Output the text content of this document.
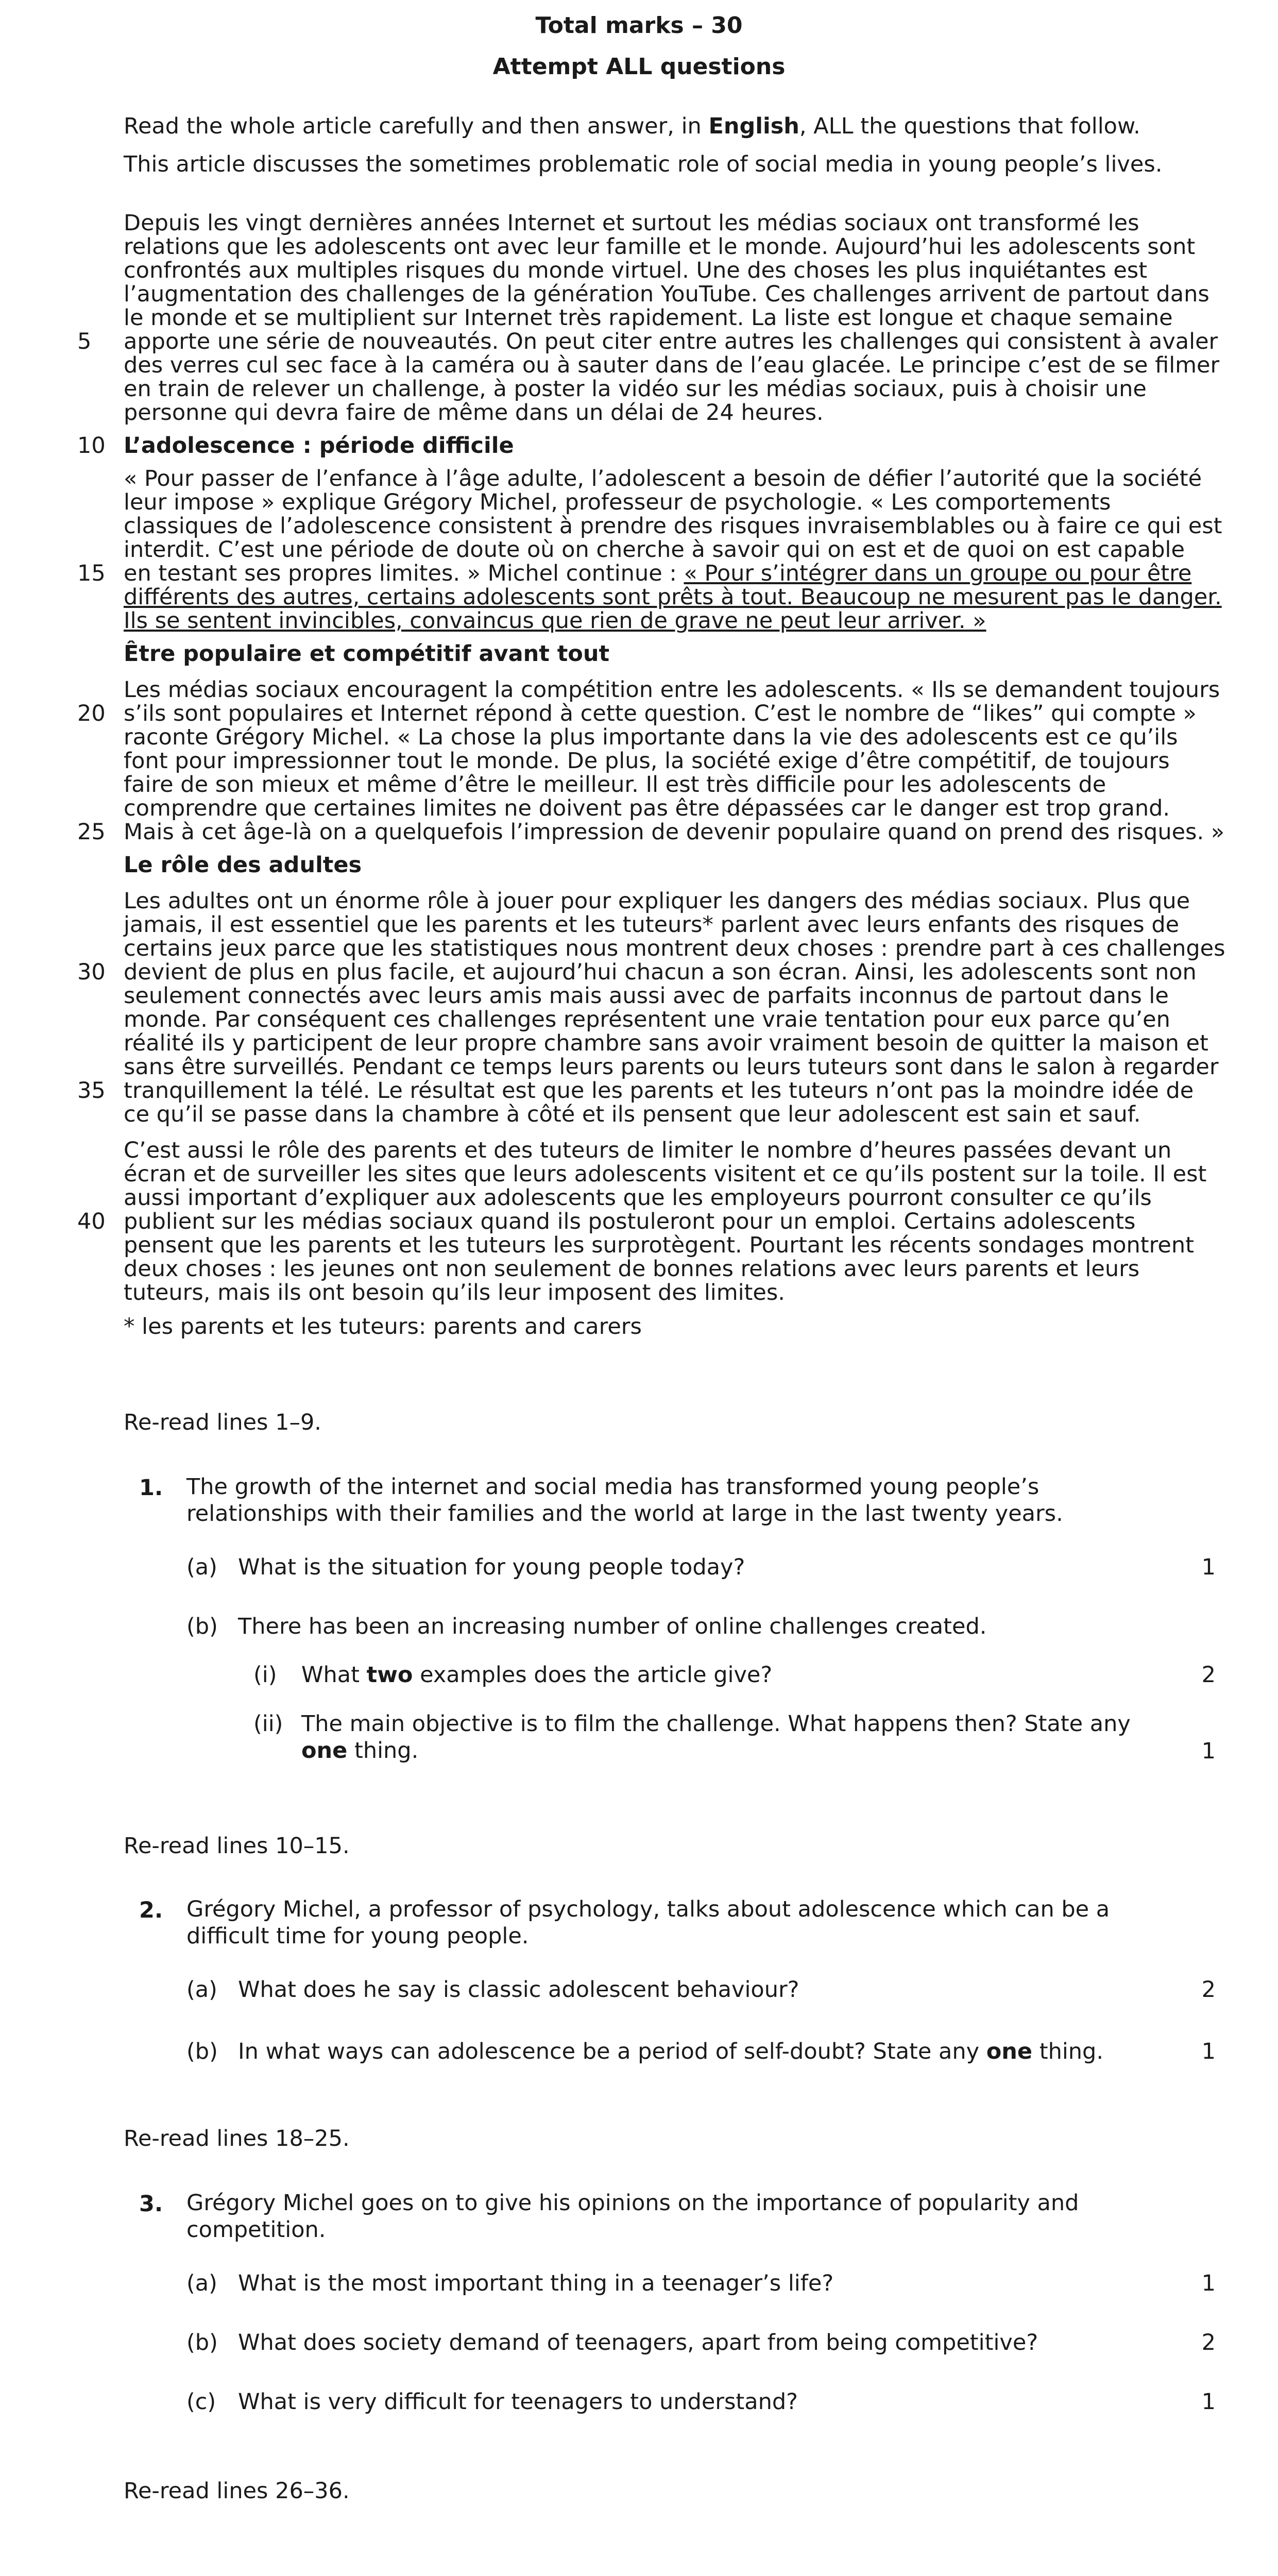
Total marks – 30
Attempt ALL questions
Read the whole article carefully and then answer, in English, ALL the questions that follow.
This article discusses the sometimes problematic role of social media in young people’s lives.
Depuis les vingt dernières années Internet et surtout les médias sociaux ont transformé les
relations que les adolescents ont avec leur famille et le monde. Aujourd’hui les adolescents sont
confrontés aux multiples risques du monde virtuel. Une des choses les plus inquiétantes est
l’augmentation des challenges de la génération YouTube. Ces challenges arrivent de partout dans
le monde et se multiplient sur Internet très rapidement. La liste est longue et chaque semaine
apporte une série de nouveautés. On peut citer entre autres les challenges qui consistent à avaler
des verres cul sec face à la caméra ou à sauter dans de l’eau glacée. Le principe c’est de se filmer
en train de relever un challenge, à poster la vidéo sur les médias sociaux, puis à choisir une
personne qui devra faire de même dans un délai de 24 heures.
5
L’adolescence : période difficile
10
« Pour passer de l’enfance à l’âge adulte, l’adolescent a besoin de défier l’autorité que la société
leur impose » explique Grégory Michel, professeur de psychologie. « Les comportements
classiques de l’adolescence consistent à prendre des risques invraisemblables ou à faire ce qui est
interdit. C’est une période de doute où on cherche à savoir qui on est et de quoi on est capable
en testant ses propres limites. » Michel continue : « Pour s’intégrer dans un groupe ou pour être
différents des autres, certains adolescents sont prêts à tout. Beaucoup ne mesurent pas le danger.
Ils se sentent invincibles, convaincus que rien de grave ne peut leur arriver. »
15
Être populaire et compétitif avant tout
Les médias sociaux encouragent la compétition entre les adolescents. « Ils se demandent toujours
s’ils sont populaires et Internet répond à cette question. C’est le nombre de “likes” qui compte »
raconte Grégory Michel. « La chose la plus importante dans la vie des adolescents est ce qu’ils
font pour impressionner tout le monde. De plus, la société exige d’être compétitif, de toujours
faire de son mieux et même d’être le meilleur. Il est très difficile pour les adolescents de
comprendre que certaines limites ne doivent pas être dépassées car le danger est trop grand.
Mais à cet âge-là on a quelquefois l’impression de devenir populaire quand on prend des risques. »
20
25
Le rôle des adultes
Les adultes ont un énorme rôle à jouer pour expliquer les dangers des médias sociaux. Plus que
jamais, il est essentiel que les parents et les tuteurs* parlent avec leurs enfants des risques de
certains jeux parce que les statistiques nous montrent deux choses : prendre part à ces challenges
devient de plus en plus facile, et aujourd’hui chacun a son écran. Ainsi, les adolescents sont non
seulement connectés avec leurs amis mais aussi avec de parfaits inconnus de partout dans le
monde. Par conséquent ces challenges représentent une vraie tentation pour eux parce qu’en
réalité ils y participent de leur propre chambre sans avoir vraiment besoin de quitter la maison et
sans être surveillés. Pendant ce temps leurs parents ou leurs tuteurs sont dans le salon à regarder
tranquillement la télé. Le résultat est que les parents et les tuteurs n’ont pas la moindre idée de
ce qu’il se passe dans la chambre à côté et ils pensent que leur adolescent est sain et sauf.
30
35
C’est aussi le rôle des parents et des tuteurs de limiter le nombre d’heures passées devant un
écran et de surveiller les sites que leurs adolescents visitent et ce qu’ils postent sur la toile. Il est
aussi important d’expliquer aux adolescents que les employeurs pourront consulter ce qu’ils
publient sur les médias sociaux quand ils postuleront pour un emploi. Certains adolescents
pensent que les parents et les tuteurs les surprotègent. Pourtant les récents sondages montrent
deux choses : les jeunes ont non seulement de bonnes relations avec leurs parents et leurs
tuteurs, mais ils ont besoin qu’ils leur imposent des limites.
40
* les parents et les tuteurs: parents and carers
Re-read lines 1–9.
1. The growth of the internet and social media has transformed young people’s
relationships with their families and the world at large in the last twenty years.
(a) What is the situation for young people today?	1
(b) There has been an increasing number of online challenges created.
(i) What two examples does the article give?	2
(ii) The main objective is to film the challenge. What happens then? State any
one thing.	1
Re-read lines 10–15.
2. Grégory Michel, a professor of psychology, talks about adolescence which can be a
difficult time for young people.
(a) What does he say is classic adolescent behaviour?	2
(b) In what ways can adolescence be a period of self-doubt? State any one thing.	1
Re-read lines 18–25.
3. Grégory Michel goes on to give his opinions on the importance of popularity and
competition.
(a) What is the most important thing in a teenager’s life?	1
(b) What does society demand of teenagers, apart from being competitive?	2
(c) What is very difficult for teenagers to understand?	1
Re-read lines 26–36.
